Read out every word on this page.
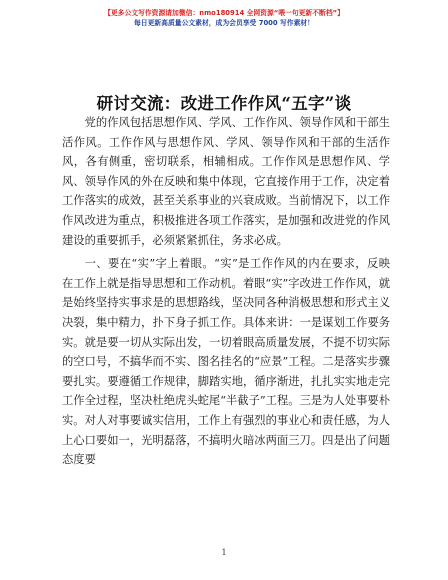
【更多公文写作资源请加微信：nmo180914 全网资源“喂一句更新不断档”】
每日更新高质量公文素材，成为会员享受 7000 写作素材！
研讨交流：改进工作作风“五字”谈

党的作风包括思想作风、学风、工作作风、领导作风和干部生活作风。工作作风与思想作风、学风、领导作风和干部的生活作风，各有侧重，密切联系，相辅相成。工作作风是思想作风、学风、领导作风的外在反映和集中体现，它直接作用于工作，决定着工作落实的成效，甚至关系事业的兴衰成败。当前情况下，以工作作风改进为重点，积极推进各项工作落实，是加强和改进党的作风建设的重要抓手，必须紧紧抓住，务求必成。

一、要在“实”字上着眼。“实”是工作作风的内在要求，反映在工作上就是指导思想和工作动机。着眼“实”字改进工作作风，就是始终坚持实事求是的思想路线，坚决同各种消极思想和形式主义决裂，集中精力，扑下身子抓工作。具体来讲：一是谋划工作要务实。就是要一切从实际出发，一切着眼高质量发展，不提不切实际的空口号，不搞华而不实、图名挂名的“应景”工程。二是落实步骤要扎实。要遵循工作规律，脚踏实地，循序渐进，扎扎实实地走完工作全过程，坚决杜绝虎头蛇尾“半截子”工程。三是为人处事要朴实。对人对事要诚实信用，工作上有强烈的事业心和责任感，为人上心口要如一，光明磊落，不搞明火暗冰两面三刀。四是出了问题态度要

1
